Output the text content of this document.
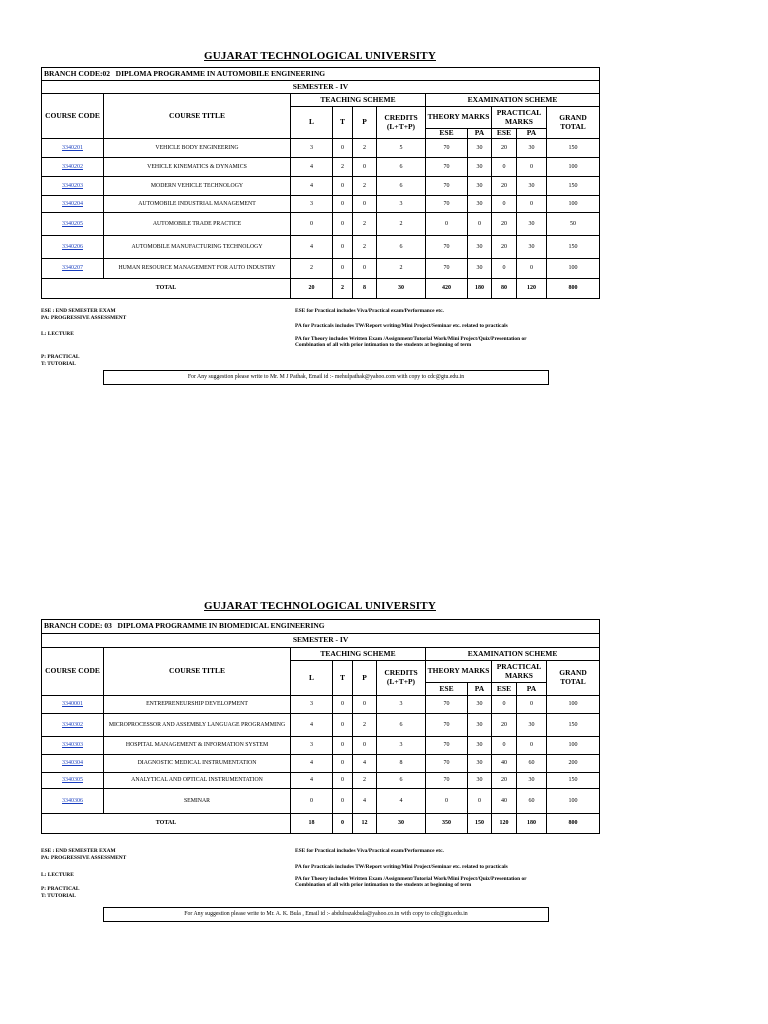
GUJARAT TECHNOLOGICAL UNIVERSITY
BRANCH CODE:02 DIPLOMA PROGRAMME IN AUTOMOBILE ENGINEERING										
SEMESTER - IV										
COURSE CODE	COURSE TITLE	TEACHING SCHEME				EXAMINATION SCHEME				
		L	T	P	CREDITS (L+T+P)	THEORY MARKS		PRACTICAL MARKS		GRAND TOTAL
						ESE	PA	ESE	PA	
3340201	VEHICLE BODY ENGINEERING	3	0	2	5	70	30	20	30	150
3340202	VEHICLE KINEMATICS & DYNAMICS	4	2	0	6	70	30	0	0	100
3340203	MODERN VEHICLE TECHNOLOGY	4	0	2	6	70	30	20	30	150
3340204	AUTOMOBILE INDUSTRIAL MANAGEMENT	3	0	0	3	70	30	0	0	100
3340205	AUTOMOBILE TRADE PRACTICE	0	0	2	2	0	0	20	30	50
3340206	AUTOMOBILE MANUFACTURING TECHNOLOGY	4	0	2	6	70	30	20	30	150
3340207	HUMAN RESOURCE MANAGEMENT FOR AUTO INDUSTRY	2	0	0	2	70	30	0	0	100
TOTAL		20	2	8	30	420	180	80	120	800
ESE : END SEMESTER EXAM
PA: PROGRESSIVE ASSESSMENT
L: LECTURE
P: PRACTICAL
T: TUTORIAL
ESE for Practical includes Viva/Practical exam/Performance etc.
PA for Practicals includes TW/Report writing/Mini Project/Seminar etc. related to practicals
PA for Theory includes Written Exam /Assignment/Tutorial Work/Mini Project/Quiz/Presentation or
Combination of all with prior intimation to the students at beginning of term
For Any suggestion please write to Mr. M J Pathak, Email id :- mehulpathak@yahoo.com with copy to cdc@gtu.edu.in
GUJARAT TECHNOLOGICAL UNIVERSITY
BRANCH CODE: 03 DIPLOMA PROGRAMME IN BIOMEDICAL ENGINEERING										
SEMESTER - IV										
COURSE CODE	COURSE TITLE	TEACHING SCHEME				EXAMINATION SCHEME				
		L	T	P	CREDITS (L+T+P)	THEORY MARKS		PRACTICAL MARKS		GRAND TOTAL
						ESE	PA	ESE	PA	
3340001	ENTREPRENEURSHIP DEVELOPMENT	3	0	0	3	70	30	0	0	100
3340302	MICROPROCESSOR AND ASSEMBLY LANGUAGE PROGRAMMING	4	0	2	6	70	30	20	30	150
3340303	HOSPITAL MANAGEMENT & INFORMATION SYSTEM	3	0	0	3	70	30	0	0	100
3340304	DIAGNOSTIC MEDICAL INSTRUMENTATION	4	0	4	8	70	30	40	60	200
3340305	ANALYTICAL AND OPTICAL INSTRUMENTATION	4	0	2	6	70	30	20	30	150
3340306	SEMINAR	0	0	4	4	0	0	40	60	100
TOTAL		18	0	12	30	350	150	120	180	800
ESE : END SEMESTER EXAM
PA: PROGRESSIVE ASSESSMENT
L: LECTURE
P: PRACTICAL
T: TUTORIAL
ESE for Practical includes Viva/Practical exam/Performance etc.
PA for Practicals includes TW/Report writing/Mini Project/Seminar etc. related to practicals
PA for Theory includes Written Exam /Assignment/Tutorial Work/Mini Project/Quiz/Presentation or
Combination of all with prior intimation to the students at beginning of term
For Any suggestion please write to Mr. A. K. Bula , Email id :- abdulrazakbula@yahoo.co.in with copy to cdc@gtu.edu.in
